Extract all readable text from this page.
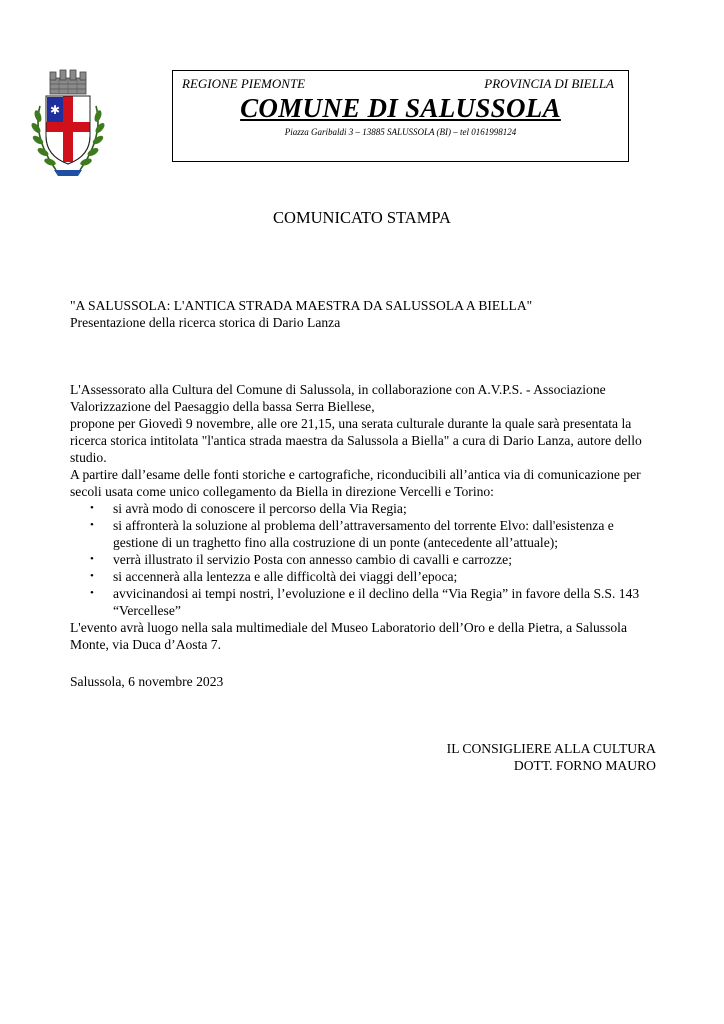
✱
REGIONE PIEMONTE	PROVINCIA DI BIELLA
COMUNE DI SALUSSOLA
Piazza Garibaldi 3 – 13885 SALUSSOLA (BI) – tel 0161998124
COMUNICATO STAMPA
"A SALUSSOLA: L'ANTICA STRADA MAESTRA DA SALUSSOLA A BIELLA"
Presentazione della ricerca storica di Dario Lanza

L'Assessorato alla Cultura del Comune di Salussola, in collaborazione con A.V.P.S. - Associazione Valorizzazione del Paesaggio della bassa Serra Biellese,

propone per Giovedì 9 novembre, alle ore 21,15, una serata culturale durante la quale sarà presentata la ricerca storica intitolata "l'antica strada maestra da Salussola a Biella" a cura di Dario Lanza, autore dello studio.

A partire dall’esame delle fonti storiche e cartografiche, riconducibili all’antica via di comunicazione per secoli usata come unico collegamento da Biella in direzione Vercelli e Torino:

• si avrà modo di conoscere il percorso della Via Regia;
• si affronterà la soluzione al problema dell’attraversamento del torrente Elvo: dall'esistenza e gestione di un traghetto fino alla costruzione di un ponte (antecedente all’attuale);
• verrà illustrato il servizio Posta con annesso cambio di cavalli e carrozze;
• si accennerà alla lentezza e alle difficoltà dei viaggi dell’epoca;
• avvicinandosi ai tempi nostri, l’evoluzione e il declino della “Via Regia” in favore della S.S. 143 “Vercellese”

L'evento avrà luogo nella sala multimediale del Museo Laboratorio dell’Oro e della Pietra, a Salussola Monte, via Duca d’Aosta 7.

Salussola, 6 novembre 2023
IL CONSIGLIERE ALLA CULTURA
DOTT. FORNO MAURO
